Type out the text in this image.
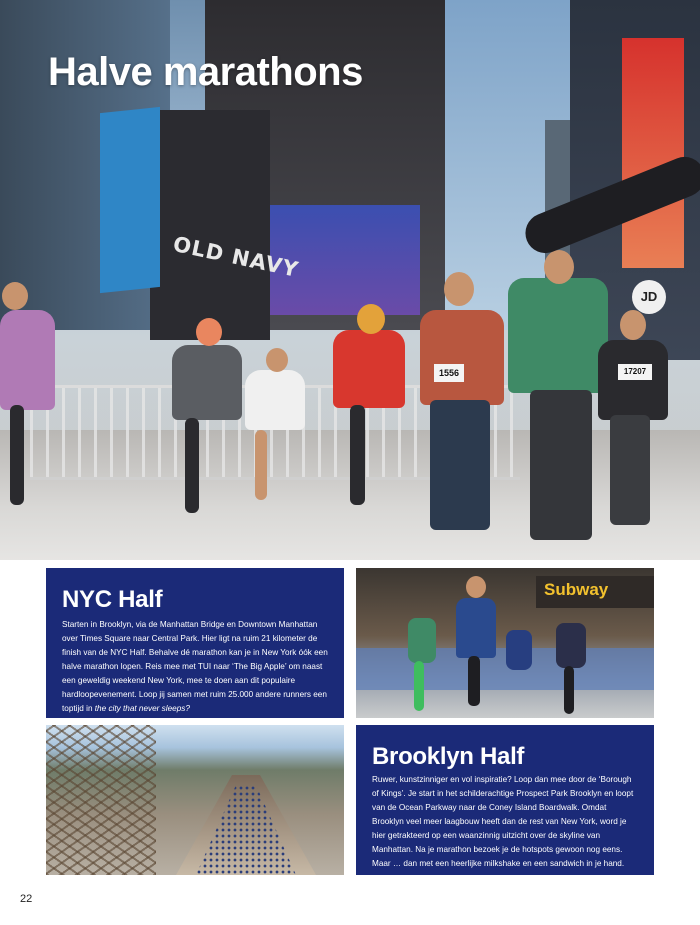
OLD NAVY
JD
1556	17207
Halve marathons
NYC Half

Starten in Brooklyn, via de Manhattan Bridge en Downtown Manhattan over Times Square naar Central Park. Hier ligt na ruim 21 kilometer de finish van de NYC Half. Behalve dé marathon kan je in New York óók een halve marathon lopen. Reis mee met TUI naar ‘The Big Apple’ om naast een geweldig weekend New York, mee te doen aan dit populaire hardloopevenement. Loop jij samen met ruim 25.000 andere runners een toptijd in the city that never sleeps?

Subway
Brooklyn Half

Ruwer, kunstzinniger en vol inspiratie? Loop dan mee door de ‘Borough of Kings’. Je start in het schilderachtige Prospect Park Brooklyn en loopt van de Ocean Parkway naar de Coney Island Boardwalk. Omdat Brooklyn veel meer laagbouw heeft dan de rest van New York, word je hier getrakteerd op een waanzinnig uitzicht over de skyline van Manhattan. Na je marathon bezoek je de hotspots gewoon nog eens. Maar … dan met een heerlijke milkshake en een sandwich in je hand.

22
